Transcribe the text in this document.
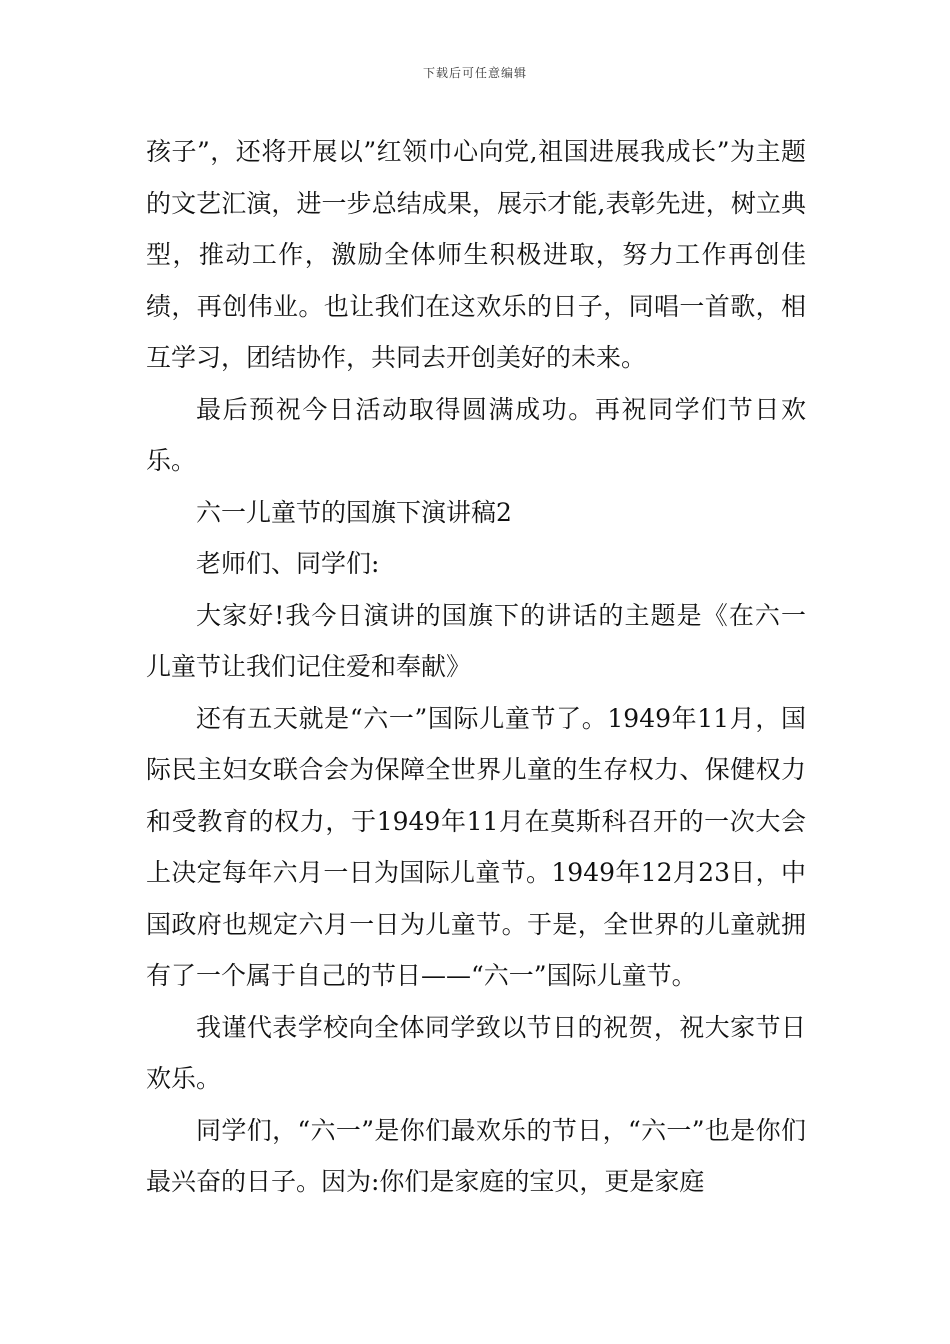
下载后可任意编辑

孩子”，还将开展以”红领巾心向党,祖国进展我成长”为主题的文艺汇演，进一步总结成果，展示才能,表彰先进，树立典型，推动工作，激励全体师生积极进取，努力工作再创佳绩，再创伟业。也让我们在这欢乐的日子，同唱一首歌，相互学习，团结协作，共同去开创美好的未来。

最后预祝今日活动取得圆满成功。再祝同学们节日欢乐。

六一儿童节的国旗下演讲稿2

老师们、同学们:

大家好!我今日演讲的国旗下的讲话的主题是《在六一儿童节让我们记住爱和奉献》

还有五天就是“六一”国际儿童节了。1949年11月，国际民主妇女联合会为保障全世界儿童的生存权力、保健权力和受教育的权力，于1949年11月在莫斯科召开的一次大会上决定每年六月一日为国际儿童节。1949年12月23日，中国政府也规定六月一日为儿童节。于是，全世界的儿童就拥有了一个属于自己的节日——“六一”国际儿童节。

我谨代表学校向全体同学致以节日的祝贺，祝大家节日欢乐。

同学们，“六一”是你们最欢乐的节日，“六一”也是你们最兴奋的日子。因为:你们是家庭的宝贝，更是家庭
